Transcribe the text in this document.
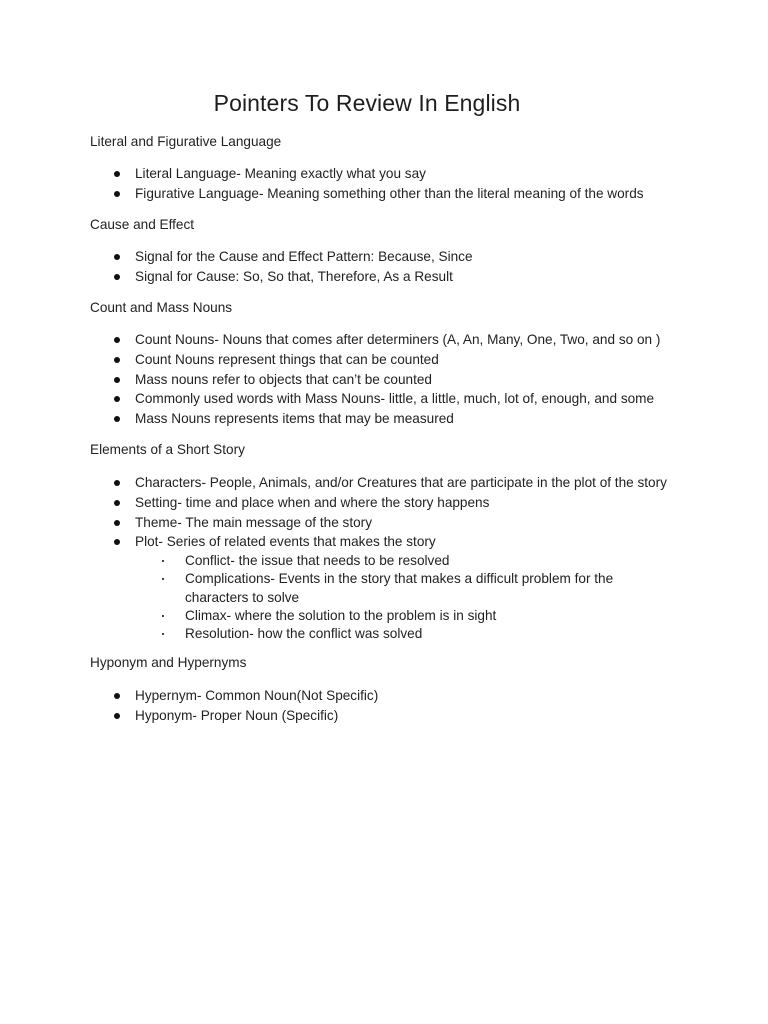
Pointers To Review In English

Literal and Figurative Language

Literal Language- Meaning exactly what you say
Figurative Language- Meaning something other than the literal meaning of the words

Cause and Effect

Signal for the Cause and Effect Pattern: Because, Since
Signal for Cause: So, So that, Therefore, As a Result

Count and Mass Nouns

Count Nouns- Nouns that comes after determiners (A, An, Many, One, Two, and so on )
Count Nouns represent things that can be counted
Mass nouns refer to objects that can’t be counted
Commonly used words with Mass Nouns- little, a little, much, lot of, enough, and some
Mass Nouns represents items that may be measured

Elements of a Short Story

Characters- People, Animals, and/or Creatures that are participate in the plot of the story
Setting- time and place when and where the story happens
Theme- The main message of the story
Plot- Series of related events that makes the story
Conflict- the issue that needs to be resolved
Complications- Events in the story that makes a difficult problem for the characters to solve
Climax- where the solution to the problem is in sight
Resolution- how the conflict was solved

Hyponym and Hypernyms

Hypernym- Common Noun(Not Specific)
Hyponym- Proper Noun (Specific)
